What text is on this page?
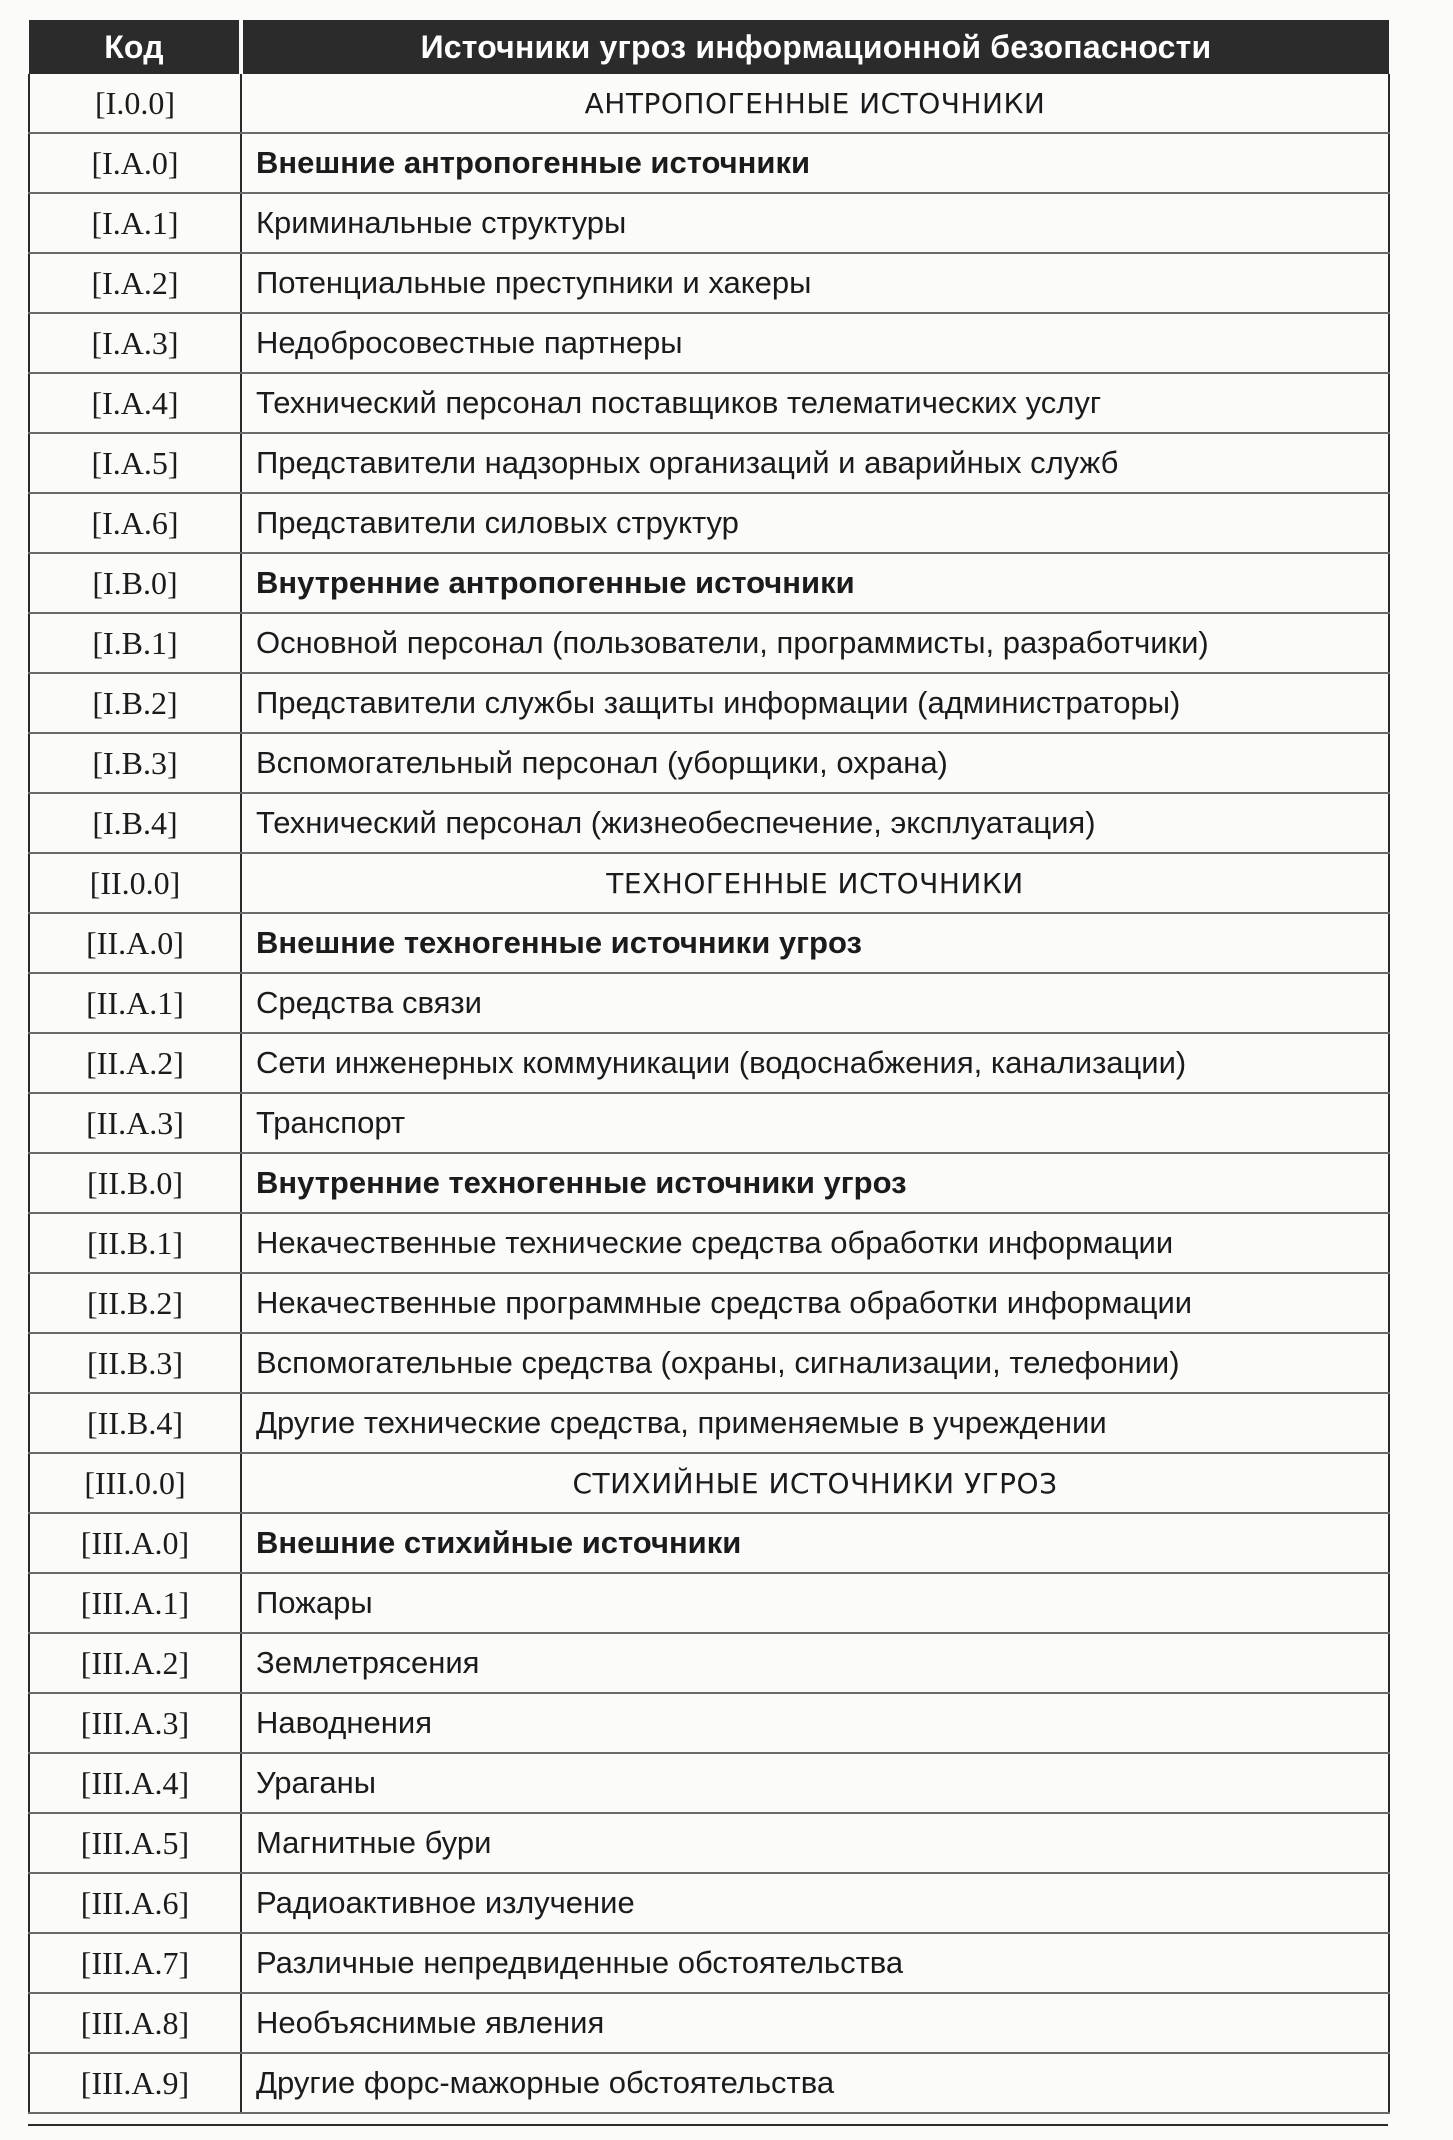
Код	Источники угроз информационной безопасности
[I.0.0]	АНТРОПОГЕННЫЕ ИСТОЧНИКИ
[I.A.0]	Внешние антропогенные источники
[I.A.1]	Криминальные структуры
[I.A.2]	Потенциальные преступники и хакеры
[I.A.3]	Недобросовестные партнеры
[I.A.4]	Технический персонал поставщиков телематических услуг
[I.A.5]	Представители надзорных организаций и аварийных служб
[I.A.6]	Представители силовых структур
[I.B.0]	Внутренние антропогенные источники
[I.B.1]	Основной персонал (пользователи, программисты, разработчики)
[I.B.2]	Представители службы защиты информации (администраторы)
[I.B.3]	Вспомогательный персонал (уборщики, охрана)
[I.B.4]	Технический персонал (жизнеобеспечение, эксплуатация)
[II.0.0]	ТЕХНОГЕННЫЕ ИСТОЧНИКИ
[II.A.0]	Внешние техногенные источники угроз
[II.A.1]	Средства связи
[II.A.2]	Сети инженерных коммуникации (водоснабжения, канализации)
[II.A.3]	Транспорт
[II.B.0]	Внутренние техногенные источники угроз
[II.B.1]	Некачественные технические средства обработки информации
[II.B.2]	Некачественные программные средства обработки информации
[II.B.3]	Вспомогательные средства (охраны, сигнализации, телефонии)
[II.B.4]	Другие технические средства, применяемые в учреждении
[III.0.0]	СТИХИЙНЫЕ ИСТОЧНИКИ УГРОЗ
[III.A.0]	Внешние стихийные источники
[III.A.1]	Пожары
[III.A.2]	Землетрясения
[III.A.3]	Наводнения
[III.A.4]	Ураганы
[III.A.5]	Магнитные бури
[III.A.6]	Радиоактивное излучение
[III.A.7]	Различные непредвиденные обстоятельства
[III.A.8]	Необъяснимые явления
[III.A.9]	Другие форс-мажорные обстоятельства
